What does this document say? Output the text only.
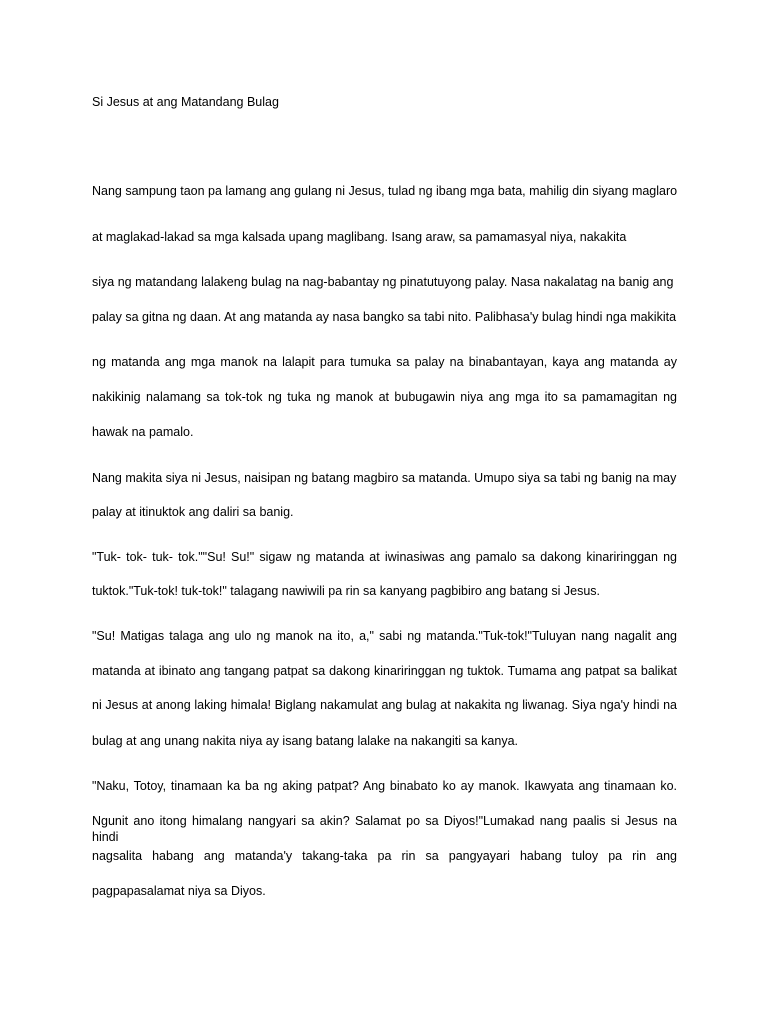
Si Jesus at ang Matandang Bulag
Nang sampung taon pa lamang ang gulang ni Jesus, tulad ng ibang mga bata, mahilig din siyang maglaro
at maglakad-lakad sa mga kalsada upang maglibang. Isang araw, sa pamamasyal niya, nakakita
siya ng matandang lalakeng bulag na nag-babantay ng pinatutuyong palay. Nasa nakalatag na banig ang
palay sa gitna ng daan. At ang matanda ay nasa bangko sa tabi nito. Palibhasa'y bulag hindi nga makikita
ng matanda ang mga manok na lalapit para tumuka sa palay na binabantayan, kaya ang matanda ay
nakikinig nalamang sa tok-tok ng tuka ng manok at bubugawin niya ang mga ito sa pamamagitan ng
hawak na pamalo.
Nang makita siya ni Jesus, naisipan ng batang magbiro sa matanda. Umupo siya sa tabi ng banig na may
palay at itinuktok ang daliri sa banig.
"Tuk- tok- tuk- tok.""Su! Su!" sigaw ng matanda at iwinasiwas ang pamalo sa dakong kinariringgan ng
tuktok."Tuk-tok! tuk-tok!" talagang nawiwili pa rin sa kanyang pagbibiro ang batang si Jesus.
"Su! Matigas talaga ang ulo ng manok na ito, a," sabi ng matanda."Tuk-tok!"Tuluyan nang nagalit ang
matanda at ibinato ang tangang patpat sa dakong kinariringgan ng tuktok. Tumama ang patpat sa balikat
ni Jesus at anong laking himala! Biglang nakamulat ang bulag at nakakita ng liwanag. Siya nga'y hindi na
bulag at ang unang nakita niya ay isang batang lalake na nakangiti sa kanya.
"Naku, Totoy, tinamaan ka ba ng aking patpat? Ang binabato ko ay manok. Ikawyata ang tinamaan ko.
Ngunit ano itong himalang nangyari sa akin? Salamat po sa Diyos!"Lumakad nang paalis si Jesus na hindi
nagsalita habang ang matanda'y takang-taka pa rin sa pangyayari habang tuloy pa rin ang
pagpapasalamat niya sa Diyos.
